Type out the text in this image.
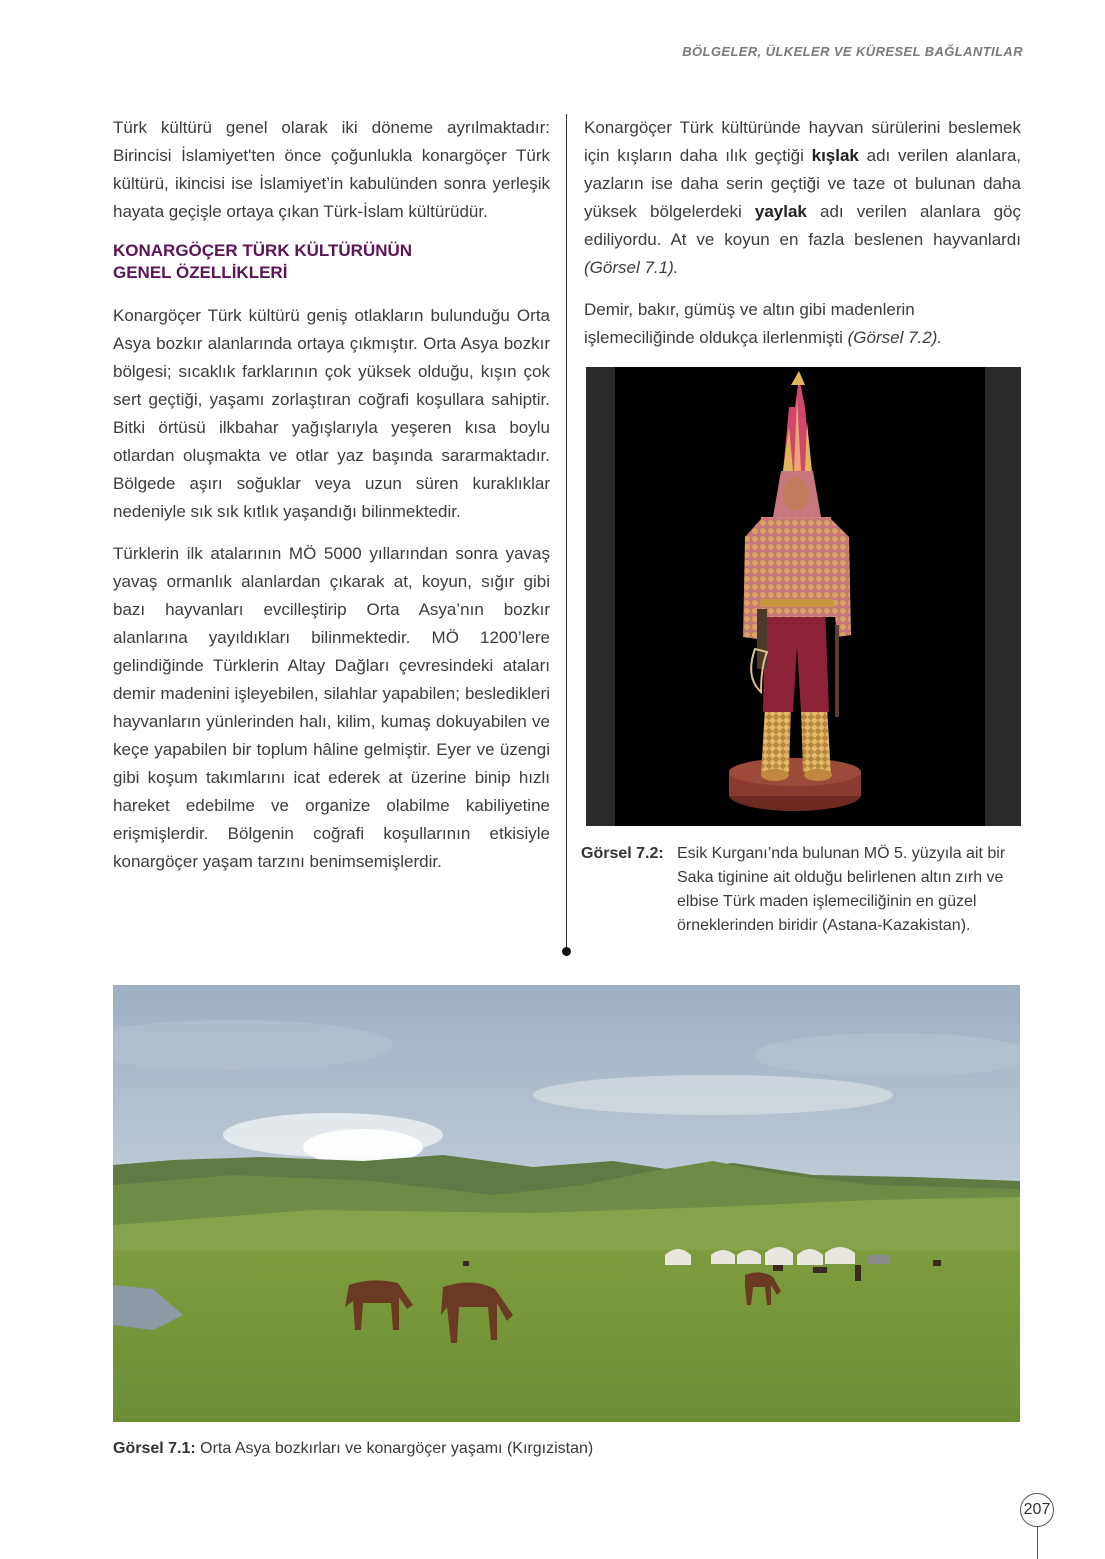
BÖLGELER, ÜLKELER VE KÜRESEL BAĞLANTILAR

Türk kültürü genel olarak iki döneme ayrılmaktadır: Birincisi İslamiyet'ten önce çoğunlukla konargöçer Türk kültürü, ikincisi ise İslamiyet’in kabulünden sonra yerleşik hayata geçişle ortaya çıkan Türk-İslam kültürüdür.

KONARGÖÇER TÜRK KÜLTÜRÜNÜN
GENEL ÖZELLİKLERİ

Konargöçer Türk kültürü geniş otlakların bulunduğu Orta Asya bozkır alanlarında ortaya çıkmıştır. Orta Asya bozkır bölgesi; sıcaklık farklarının çok yüksek olduğu, kışın çok sert geçtiği, yaşamı zorlaştıran coğrafi koşullara sahiptir. Bitki örtüsü ilkbahar yağışlarıyla yeşeren kısa boylu otlardan oluşmakta ve otlar yaz başında sararmaktadır. Bölgede aşırı soğuklar veya uzun süren kuraklıklar nedeniyle sık sık kıtlık yaşandığı bilinmektedir.

Türklerin ilk atalarının MÖ 5000 yıllarından sonra yavaş yavaş ormanlık alanlardan çıkarak at, koyun, sığır gibi bazı hayvanları evcilleştirip Orta Asya’nın bozkır alanlarına yayıldıkları bilinmektedir. MÖ 1200’lere gelindiğinde Türklerin Altay Dağları çevresindeki ataları demir madenini işleyebilen, silahlar yapabilen; besledikleri hayvanların yünlerinden halı, kilim, kumaş dokuyabilen ve keçe yapabilen bir toplum hâline gelmiştir. Eyer ve üzengi gibi koşum takımlarını icat ederek at üzerine binip hızlı hareket edebilme ve organize olabilme kabiliyetine erişmişlerdir. Bölgenin coğrafi koşullarının etkisiyle konargöçer yaşam tarzını benimsemişlerdir.

Konargöçer Türk kültüründe hayvan sürülerini beslemek için kışların daha ılık geçtiği kışlak adı verilen alanlara, yazların ise daha serin geçtiği ve taze ot bulunan daha yüksek bölgelerdeki yaylak adı verilen alanlara göç ediliyordu. At ve koyun en fazla beslenen hayvanlardı (Görsel 7.1).

Demir, bakır, gümüş ve altın gibi madenlerin işlemeciliğinde oldukça ilerlenmişti (Görsel 7.2).

Görsel 7.2: Esik Kurganı’nda bulunan MÖ 5. yüzyıla ait bir Saka tiginine ait olduğu belirlenen altın zırh ve elbise Türk maden işlemeciliğinin en güzel örneklerinden biridir (Astana-Kazakistan).
Görsel 7.1: Orta Asya bozkırları ve konargöçer yaşamı (Kırgızistan)
207
